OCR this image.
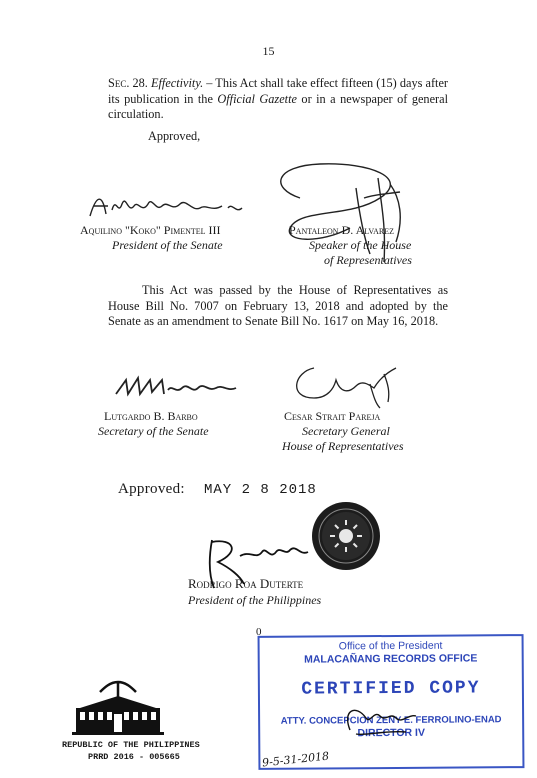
15
Sec. 28. Effectivity. – This Act shall take effect fifteen (15) days after its publication in the Official Gazette or in a newspaper of general circulation.
Approved,
Aquilino "Koko" Pimentel III
President of the Senate
Pantaleon D. Alvarez
Speaker of the House
of Representatives
This Act was passed by the House of Representatives as House Bill No. 7007 on February 13, 2018 and adopted by the Senate as an amendment to Senate Bill No. 1617 on May 16, 2018.
Lutgardo B. Barbo
Secretary of the Senate
Cesar Strait Pareja
Secretary General
House of Representatives
Approved: MAY 2 8 2018
Rodrigo Roa Duterte
President of the Philippines
0
REPUBLIC OF THE PHILIPPINES
PRRD 2016 - 005665
Office of the President
MALACAÑANG RECORDS OFFICE
CERTIFIED COPY
ATTY. CONCEPCION ZENY E. FERROLINO-ENAD
DIRECTOR IV
9-5-31-2018
